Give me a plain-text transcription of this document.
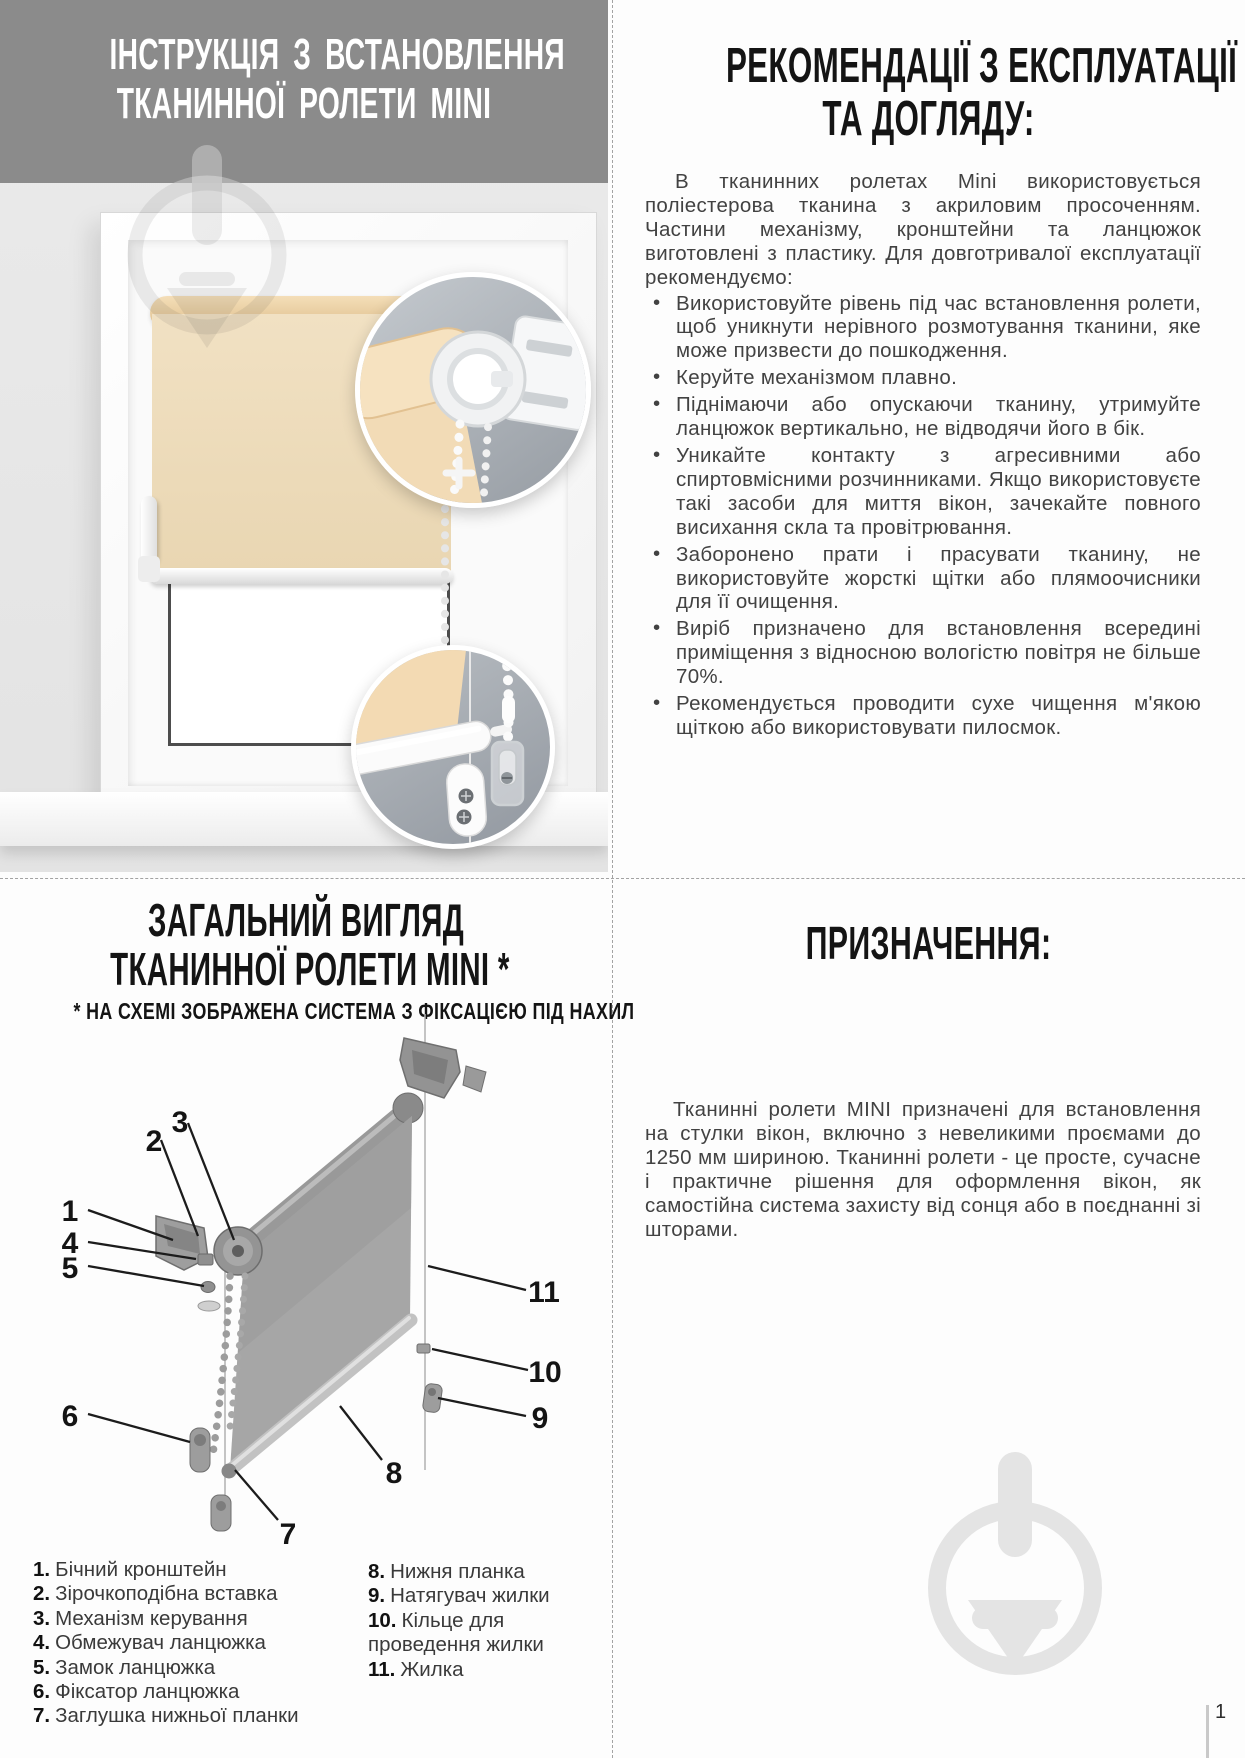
ІНСТРУКЦІЯ З ВСТАНОВЛЕННЯ
ТКАНИННОЇ РОЛЕТИ MINI
РЕКОМЕНДАЦІЇ З ЕКСПЛУАТАЦІЇ
ТА ДОГЛЯДУ:

В тканинних ролетах Mini використовується поліестерова тканина з акриловим просоченням. Частини механізму, кронштейни та ланцюжок виготовлені з пластику. Для довготривалої експлуатації рекомендуємо:

• Використовуйте рівень під час встановлення ролети, щоб уникнути нерівного розмотування тканини, яке може призвести до пошкодження.
• Керуйте механізмом плавно.
• Піднімаючи або опускаючи тканину, утримуйте ланцюжок вертикально, не відводячи його в бік.
• Уникайте контакту з агресивними або спиртовмісними розчинниками. Якщо використовуєте такі засоби для миття вікон, зачекайте повного висихання скла та провітрювання.
• Заборонено прати і прасувати тканину, не використовуйте жорсткі щітки або плямоочисники для її очищення.
• Виріб призначено для встановлення всередині приміщення з відносною вологістю повітря не більше 70%.
• Рекомендується проводити сухе чищення м'якою щіткою або використовувати пилосмок.
ЗАГАЛЬНИЙ ВИГЛЯД
ТКАНИННОЇ РОЛЕТИ MINI *
* НА СХЕМІ ЗОБРАЖЕНА СИСТЕМА З ФІКСАЦІЄЮ ПІД НАХИЛ
1
2
3
4
5
6
7
8
9
10
11
1. Бічний кронштейн
2. Зірочкоподібна вставка
3. Механізм керування
4. Обмежувач ланцюжка
5. Замок ланцюжка
6. Фіксатор ланцюжка
7. Заглушка нижньої планки
8. Нижня планка
9. Натягувач жилки
10. Кільце для проведення жилки
11. Жилка
ПРИЗНАЧЕННЯ:

Тканинні ролети MINI призначені для встановлення на стулки вікон, включно з невеликими проємами до 1250 мм шириною. Тканинні ролети - це просте, сучасне і практичне рішення для оформлення вікон, як самостійна система захисту від сонця або в поєднанні зі шторами.

1
